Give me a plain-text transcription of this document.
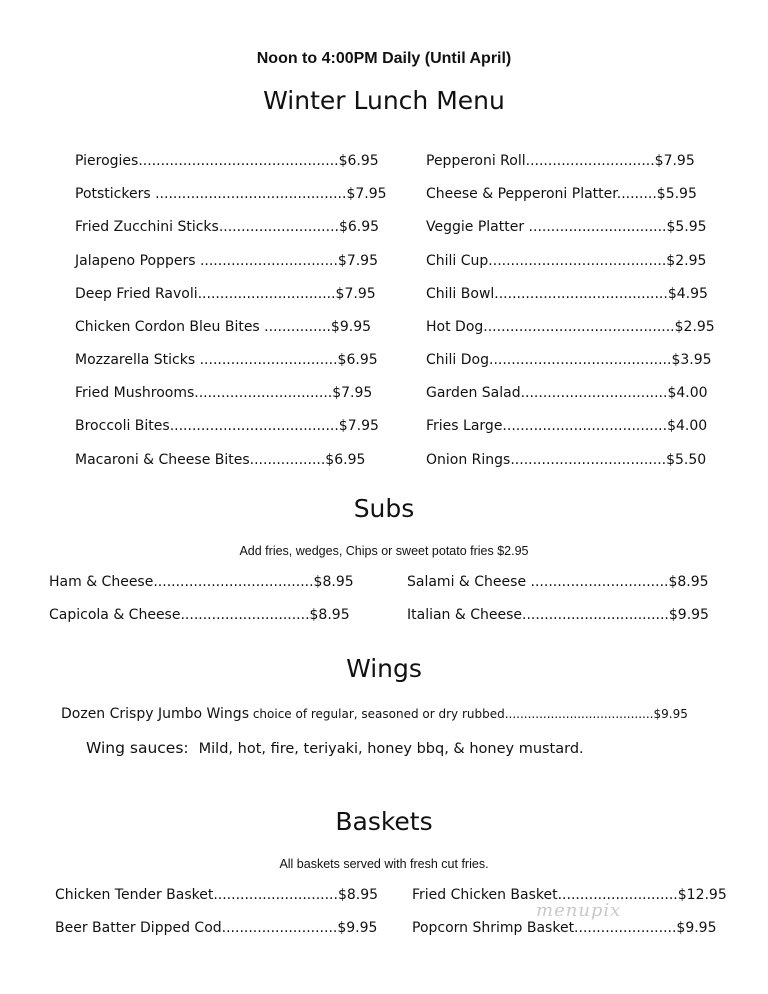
Noon to 4:00PM Daily (Until April)
Winter Lunch Menu
Pierogies.............................................$6.95
Potstickers ...........................................$7.95
Fried Zucchini Sticks...........................$6.95
Jalapeno Poppers ...............................$7.95
Deep Fried Ravoli...............................$7.95
Chicken Cordon Bleu Bites ...............$9.95
Mozzarella Sticks ...............................$6.95
Fried Mushrooms...............................$7.95
Broccoli Bites......................................$7.95
Macaroni & Cheese Bites.................$6.95
Pepperoni Roll.............................$7.95
Cheese & Pepperoni Platter.........$5.95
Veggie Platter ...............................$5.95
Chili Cup........................................$2.95
Chili Bowl.......................................$4.95
Hot Dog...........................................$2.95
Chili Dog.........................................$3.95
Garden Salad.................................$4.00
Fries Large.....................................$4.00
Onion Rings...................................$5.50
Subs
Add fries, wedges, Chips or sweet potato fries $2.95
Ham & Cheese....................................$8.95
Capicola & Cheese.............................$8.95
Salami & Cheese ...............................$8.95
Italian & Cheese.................................$9.95
Wings
Dozen Crispy Jumbo Wings choice of regular, seasoned or dry rubbed.......................................$9.95
Wing sauces: Mild, hot, fire, teriyaki, honey bbq, & honey mustard.
Baskets
All baskets served with fresh cut fries.
Chicken Tender Basket............................$8.95
Beer Batter Dipped Cod..........................$9.95
Fried Chicken Basket...........................$12.95
Popcorn Shrimp Basket.......................$9.95
menupix
